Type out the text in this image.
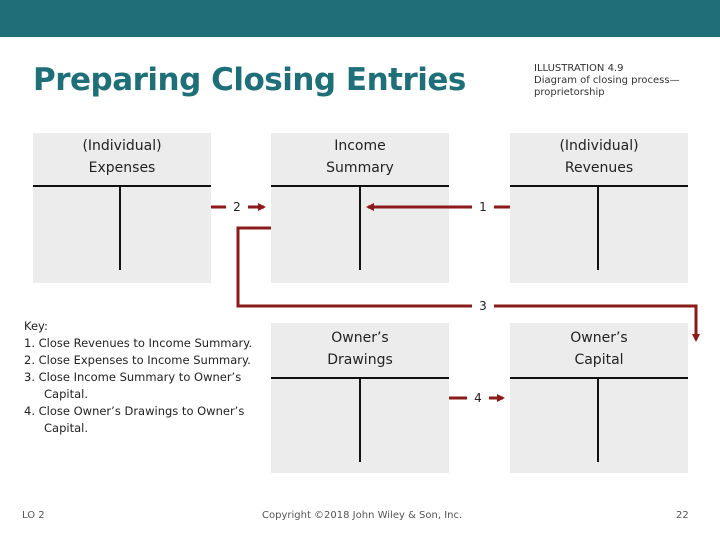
Preparing Closing Entries	ILLUSTRATION 4.9
Diagram of closing process—proprietorship
(Individual)
Expenses
Income
Summary
(Individual)
Revenues
Owner’s
Drawings
Owner’s
Capital
1
2
3
4
Key:
1. Close Revenues to Income Summary.
2. Close Expenses to Income Summary.
3. Close Income Summary to Owner’s Capital.
4. Close Owner’s Drawings to Owner’s Capital.
LO 2	Copyright ©2018 John Wiley & Son, Inc.	22
